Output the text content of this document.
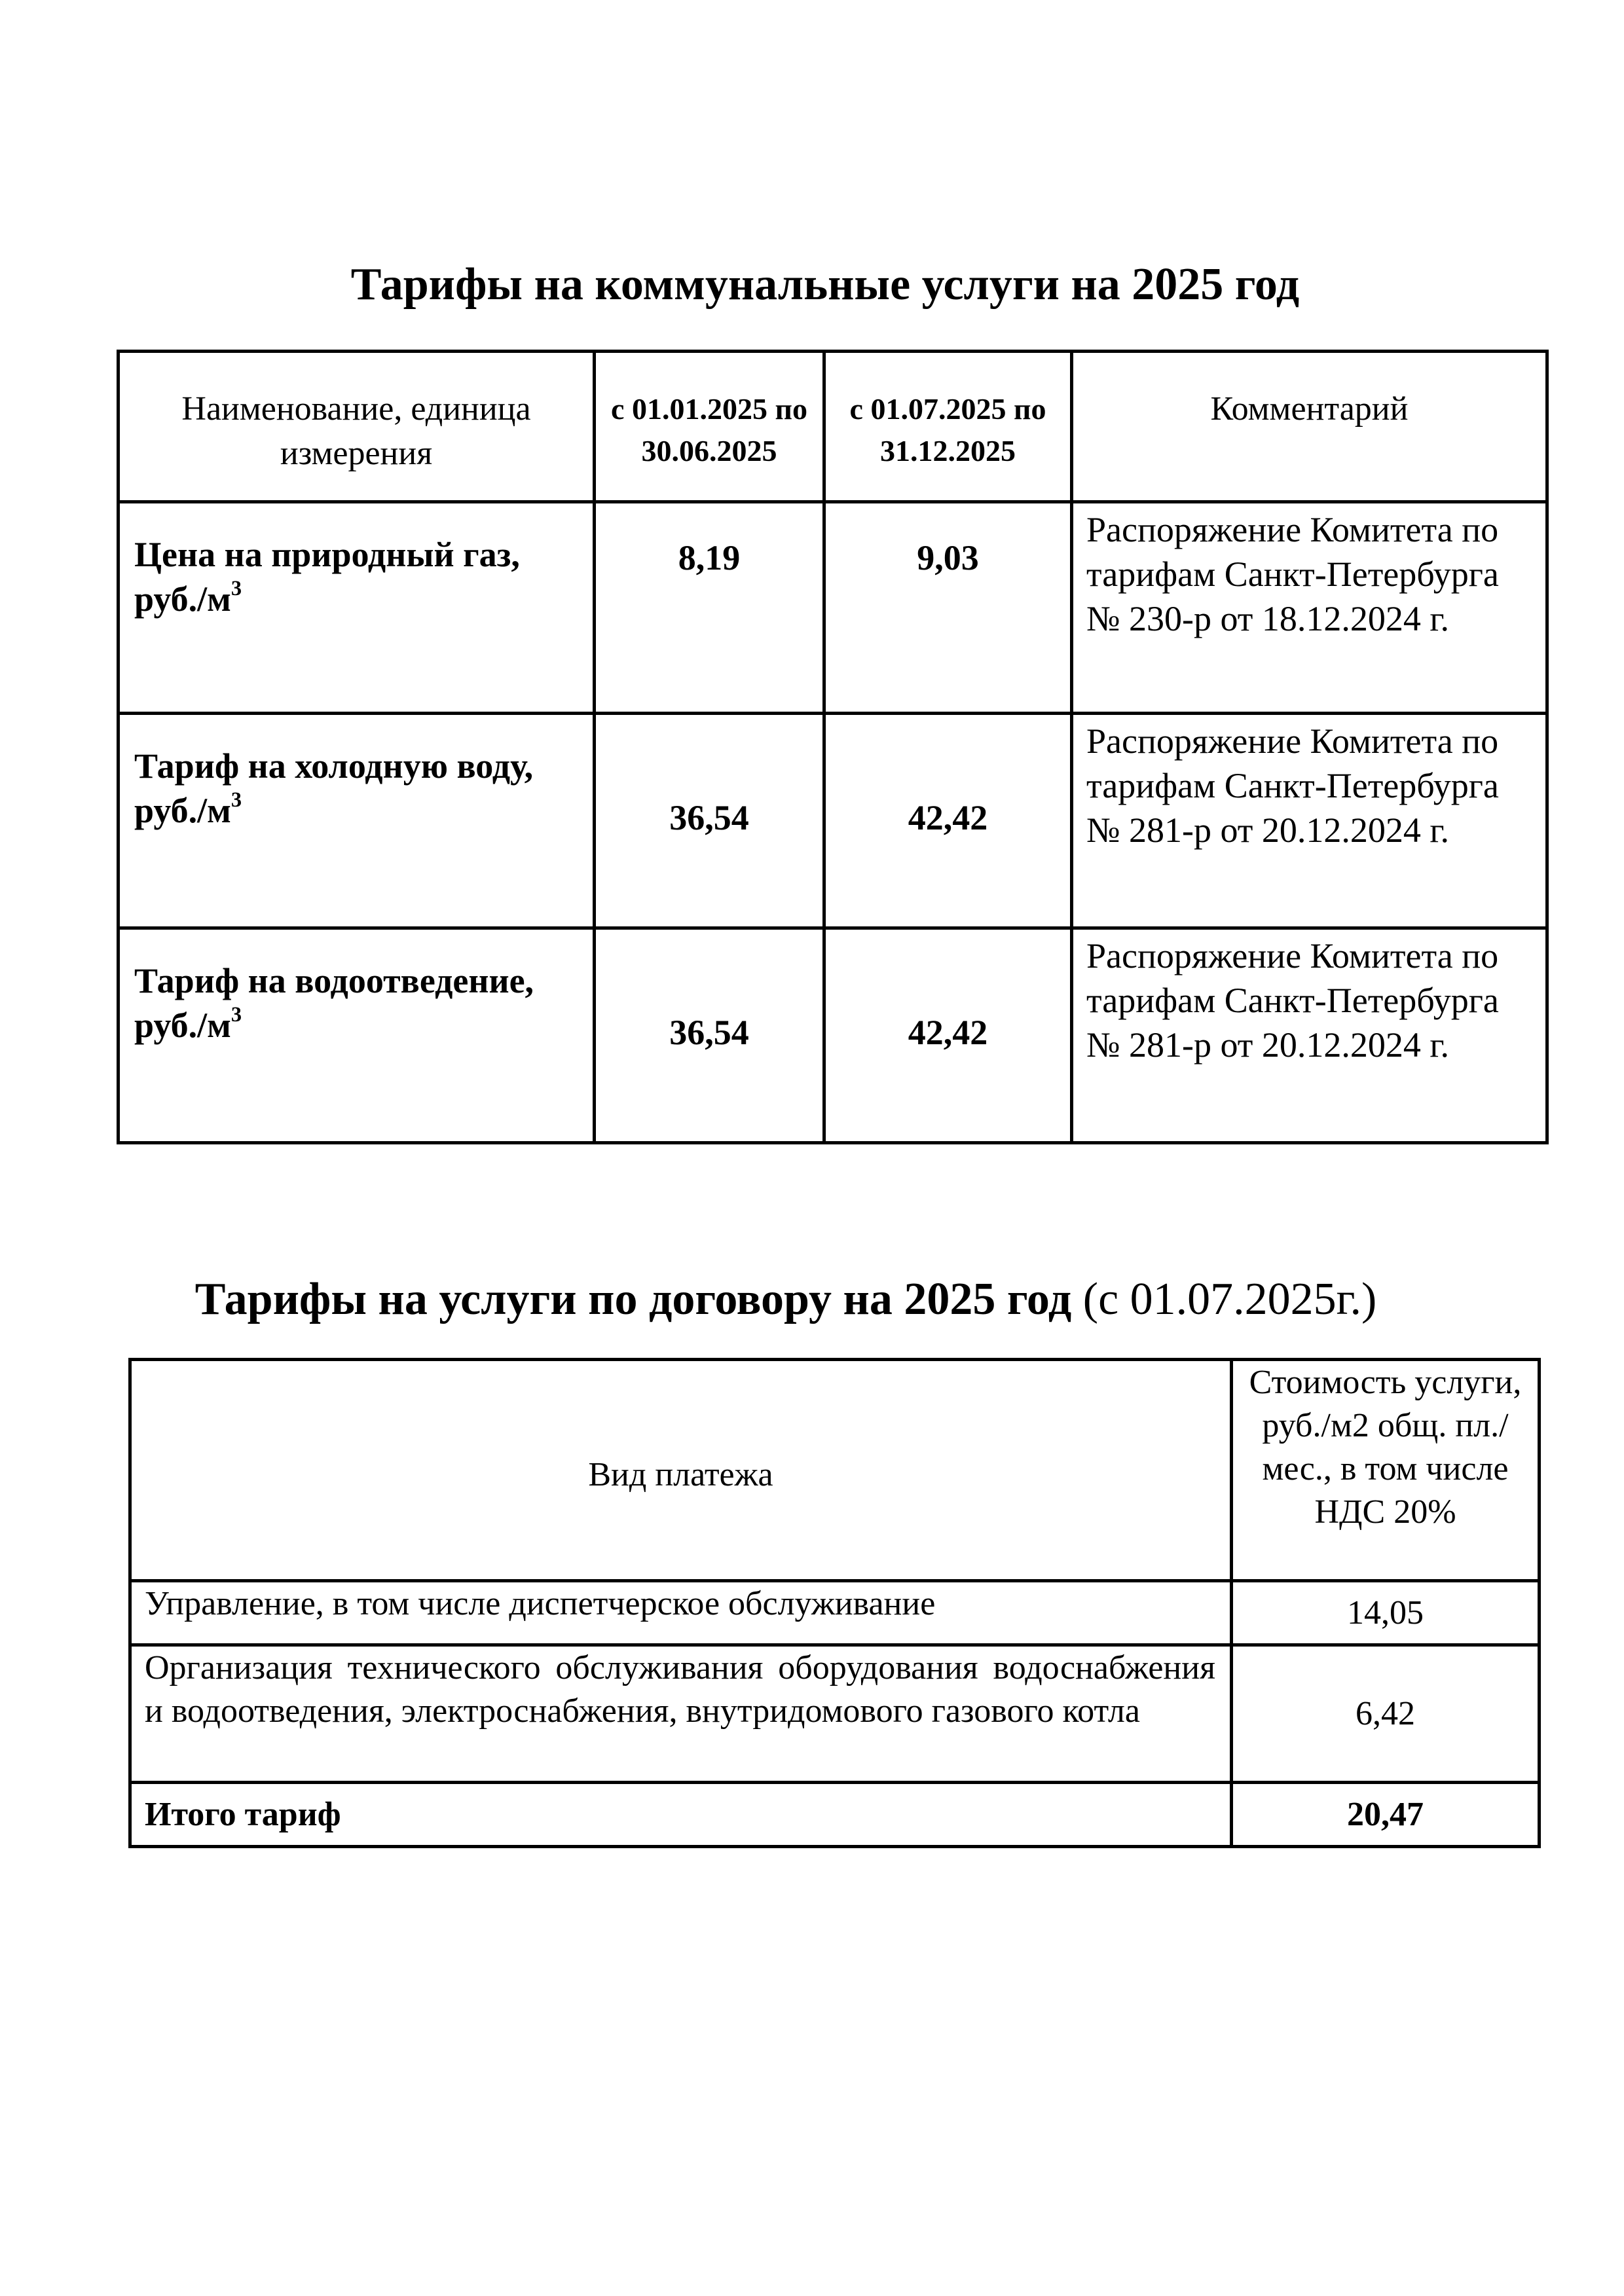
Тарифы на коммунальные услуги на 2025 год
Наименование, единица измерения	с 01.01.2025 по 30.06.2025	с 01.07.2025 по 31.12.2025	Комментарий
Цена на природный газ, $руб./м^3$	8,19	9,03	Распоряжение Комитета по тарифам Санкт-Петербурга № 230-р от 18.12.2024 г.
Тариф на холодную воду, $руб./м^3$	36,54	42,42	Распоряжение Комитета по тарифам Санкт-Петербурга № 281-р от 20.12.2024 г.
Тариф на водоотведение, $руб./м^3$	36,54	42,42	Распоряжение Комитета по тарифам Санкт-Петербурга № 281-р от 20.12.2024 г.
Тарифы на услуги по договору на 2025 год (с 01.07.2025г.)
Вид платежа	Стоимость услуги, руб./м2 общ. пл./мес., в том числе НДС 20%
Управление, в том числе диспетчерское обслуживание	14,05
Организация технического обслуживания оборудования водоснабжения и водоотведения, электроснабжения, внутридомового газового котла	6,42
Итого тариф	20,47
